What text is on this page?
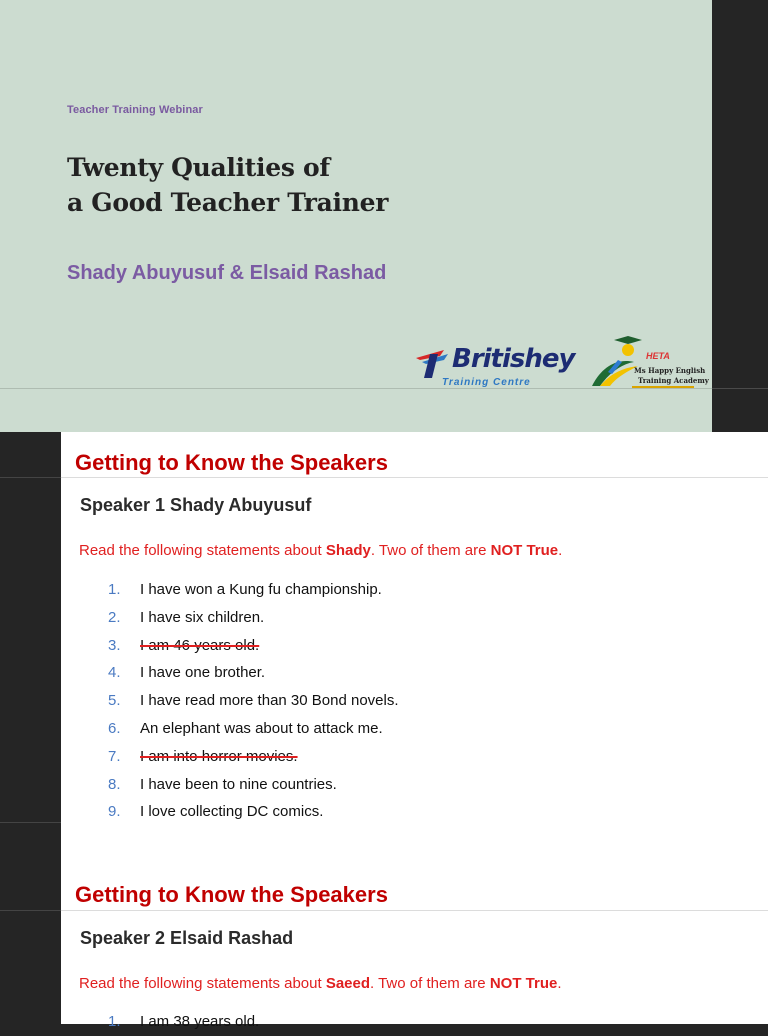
Teacher Training Webinar
Twenty Qualities of
a Good Teacher Trainer
Shady Abuyusuf & Elsaid Rashad
Britishey
Training Centre
HETA
Ms Happy English
Training Academy
Getting to Know the Speakers
Speaker 1 Shady Abuyusuf
Read the following statements about Shady. Two of them are NOT True.
1.	I have won a Kung fu championship.
2.	I have six children.
3.	I am 46 years old.
4.	I have one brother.
5.	I have read more than 30 Bond novels.
6.	An elephant was about to attack me.
7.	I am into horror movies.
8.	I have been to nine countries.
9.	I love collecting DC comics.
Getting to Know the Speakers
Speaker 2 Elsaid Rashad
Read the following statements about Saeed. Two of them are NOT True.
1.	I am 38 years old.
